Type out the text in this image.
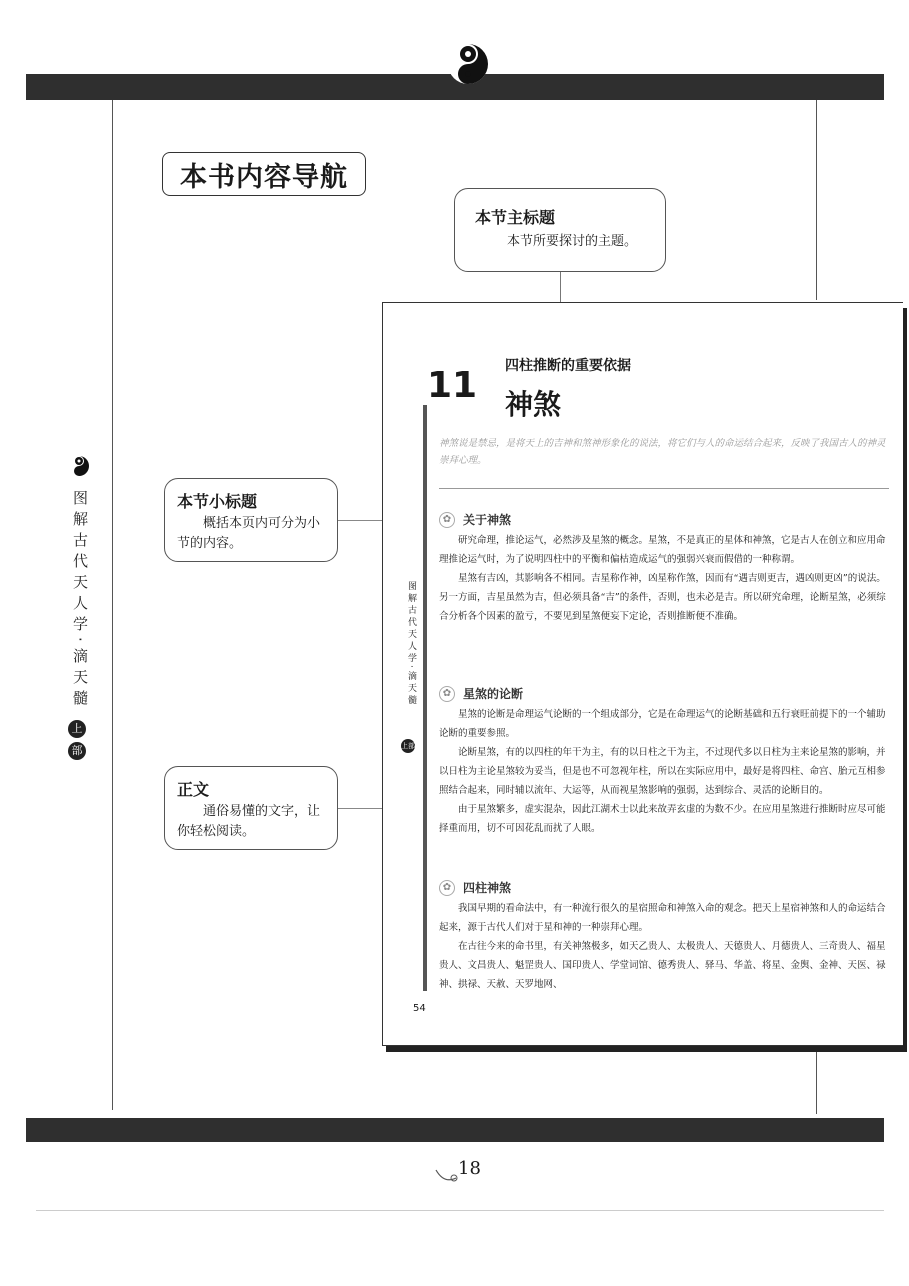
本书内容导航
本节主标题
本节所要探讨的主题。
本节小标题
概括本页内可分为小节的内容。
正文
通俗易懂的文字，让你轻松阅读。
图解古代天人学·滴天髓
上
部
11 四柱推断的重要依据
神煞
神煞说是禁忌，是将天上的吉神和煞神形象化的说法，将它们与人的命运结合起来，反映了我国古人的神灵崇拜心理。
图解古代天人学·滴天髓
上部
✿ 关于神煞

研究命理，推论运气，必然涉及星煞的概念。星煞，不是真正的星体和神煞，它是古人在创立和应用命理推论运气时，为了说明四柱中的平衡和偏枯造成运气的强弱兴衰而假借的一种称谓。

星煞有吉凶，其影响各不相同。吉星称作神，凶星称作煞，因而有“遇吉则更吉，遇凶则更凶”的说法。另一方面，吉星虽然为吉，但必须具备“吉”的条件，否则，也未必是吉。所以研究命理，论断星煞，必须综合分析各个因素的盈亏，不要见到星煞便妄下定论，否则推断便不准确。

✿ 星煞的论断

星煞的论断是命理运气论断的一个组成部分，它是在命理运气的论断基础和五行衰旺前提下的一个辅助论断的重要参照。

论断星煞，有的以四柱的年干为主，有的以日柱之干为主，不过现代多以日柱为主来论星煞的影响，并以日柱为主论星煞较为妥当，但是也不可忽视年柱，所以在实际应用中，最好是将四柱、命宫、胎元互相参照结合起来，同时辅以流年、大运等，从而视星煞影响的强弱，达到综合、灵活的论断目的。

由于星煞繁多，虚实混杂，因此江湖术士以此来故弄玄虚的为数不少。在应用星煞进行推断时应尽可能择重而用，切不可因花乱而扰了人眼。

✿ 四柱神煞

我国早期的看命法中，有一种流行很久的星宿照命和神煞入命的观念。把天上星宿神煞和人的命运结合起来，源于古代人们对于星和神的一种崇拜心理。

在古往今来的命书里，有关神煞极多，如天乙贵人、太极贵人、天德贵人、月德贵人、三奇贵人、福星贵人、文昌贵人、魁罡贵人、国印贵人、学堂词馆、德秀贵人、驿马、华盖、将星、金舆、金神、天医、禄神、拱禄、天赦、天罗地网、

54
18
